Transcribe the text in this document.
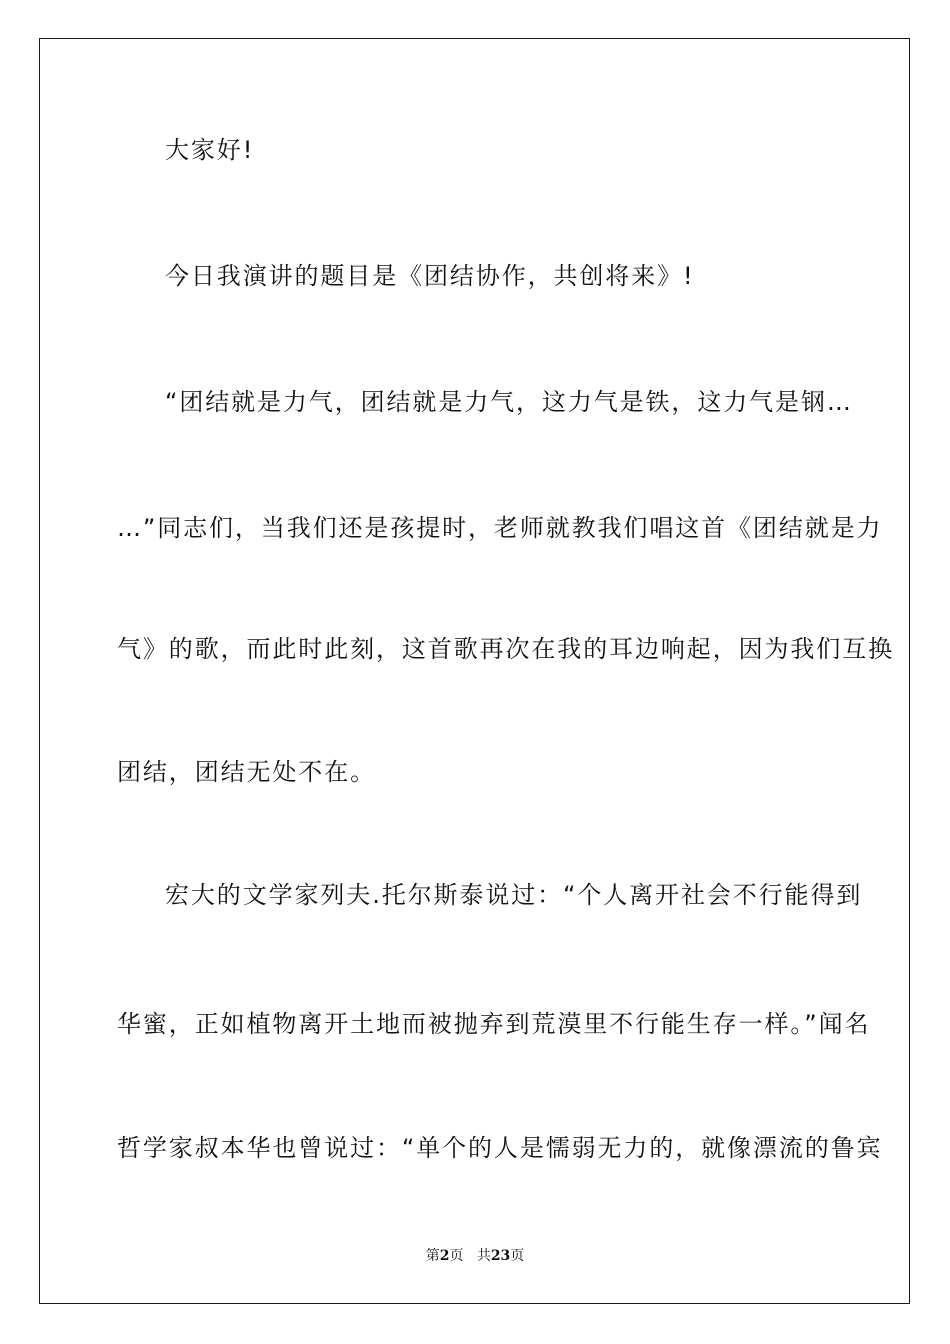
大家好!
今日我演讲的题目是《团结协作，共创将来》!
“团结就是力气，团结就是力气，这力气是铁，这力气是钢…
…”同志们，当我们还是孩提时，老师就教我们唱这首《团结就是力
气》的歌，而此时此刻，这首歌再次在我的耳边响起，因为我们互换
团结，团结无处不在。
宏大的文学家列夫.托尔斯泰说过：“个人离开社会不行能得到
华蜜，正如植物离开土地而被抛弃到荒漠里不行能生存一样。”闻名
哲学家叔本华也曾说过：“单个的人是懦弱无力的，就像漂流的鲁宾
第2页 共23页
